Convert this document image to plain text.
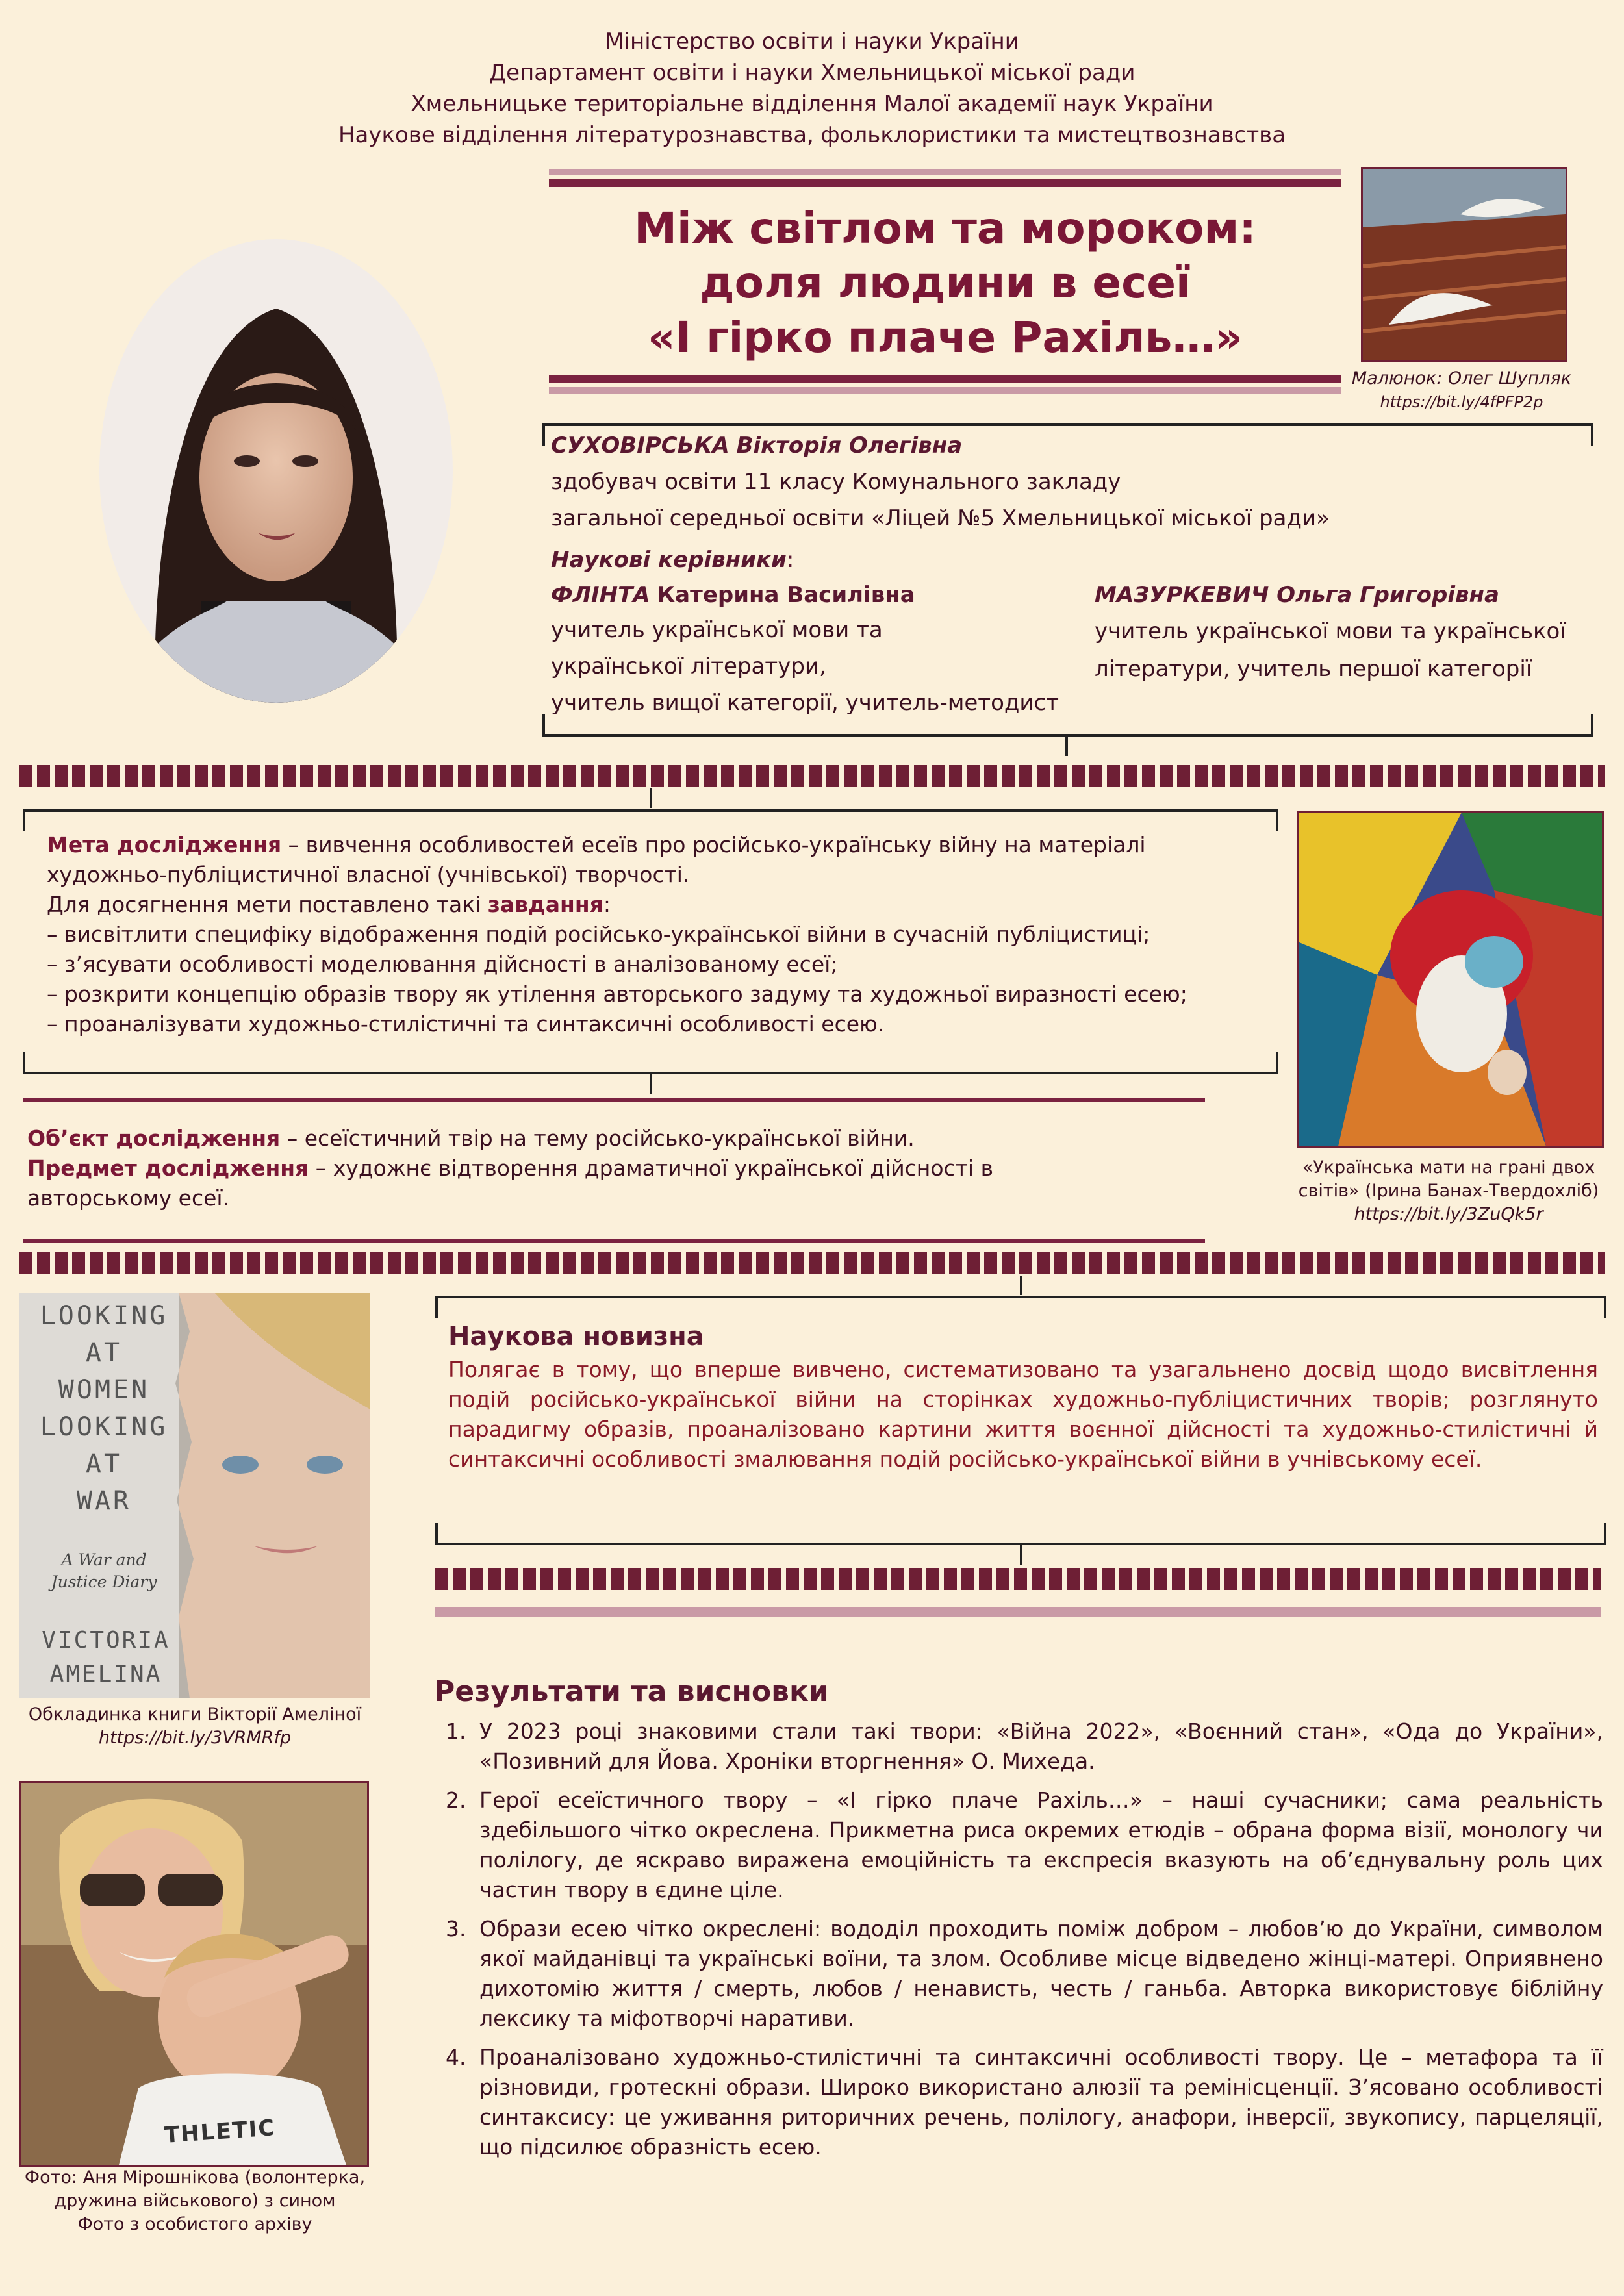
Міністерство освіти і науки України
Департамент освіти і науки Хмельницької міської ради
Хмельницьке територіальне відділення Малої академії наук України
Наукове відділення літературознавства, фольклористики та мистецтвознавства
Між світлом та мороком:
доля людини в есеї
«І гірко плаче Рахіль…»
Малюнок: Олег Шупляк
https://bit.ly/4fPFP2p
СУХОВІРСЬКА Вікторія Олегівна
здобувач освіти 11 класу Комунального закладу
загальної середньої освіти «Ліцей №5 Хмельницької міської ради»
Наукові керівники:
ФЛІНТА Катерина Василівна
учитель української мови та
української літератури,
учитель вищої категорії, учитель-методист
МАЗУРКЕВИЧ Ольга Григорівна
учитель української мови та української
літератури, учитель першої категорії
Мета дослідження – вивчення особливостей есеїв про російсько-українську війну на матеріалі
художньо-публіцистичної власної (учнівської) творчості.
Для досягнення мети поставлено такі завдання:
– висвітлити специфіку відображення подій російсько-української війни в сучасній публіцистиці;
– з’ясувати особливості моделювання дійсності в аналізованому есеї;
– розкрити концепцію образів твору як утілення авторського задуму та художньої виразності есею;
– проаналізувати художньо-стилістичні та синтаксичні особливості есею.
Об’єкт дослідження – есеїстичний твір на тему російсько-української війни.
Предмет дослідження – художнє відтворення драматичної української дійсності в
авторському есеї.
«Українська мати на грані двох
світів» (Ірина Банах-Твердохліб)
https://bit.ly/3ZuQk5r
LOOKING
AT
WOMEN
LOOKING
AT
WAR
A War and
Justice Diary
VICTORIA
AMELINA
Обкладинка книги Вікторії Амеліної
https://bit.ly/3VRMRfp
Наукова новизна
Полягає в тому, що вперше вивчено, систематизовано та узагальнено досвід щодо висвітлення подій російсько-української війни на сторінках художньо-публіцистичних творів; розглянуто парадигму образів, проаналізовано картини життя воєнної дійсності та художньо-стилістичні й синтаксичні особливості змалювання подій російсько-української війни в учнівському есеї.
Результати та висновки
1. У 2023 році знаковими стали такі твори: «Війна 2022», «Воєнний стан», «Ода до України», «Позивний для Йова. Хроніки вторгнення» О. Михеда.
2. Герої есеїстичного твору – «І гірко плаче Рахіль…» – наші сучасники; сама реальність здебільшого чітко окреслена. Прикметна риса окремих етюдів – обрана форма візії, монологу чи полілогу, де яскраво виражена емоційність та експресія вказують на об’єднувальну роль цих частин твору в єдине ціле.
3. Образи есею чітко окреслені: вододіл проходить поміж добром – любов’ю до України, символом якої майданівці та українські воїни, та злом. Особливе місце відведено жінці-матері. Оприявнено дихотомію життя / смерть, любов / ненависть, честь / ганьба. Авторка використовує біблійну лексику та міфотворчі наративи.
4. Проаналізовано художньо-стилістичні та синтаксичні особливості твору. Це – метафора та її різновиди, гротескні образи. Широко використано алюзії та ремінісценції. З’ясовано особливості синтаксису: це уживання риторичних речень, полілогу, анафори, інверсії, звукопису, парцеляції, що підсилює образність есею.
THLETIC
Фото: Аня Мірошнікова (волонтерка,
дружина військового) з сином
Фото з особистого архіву
